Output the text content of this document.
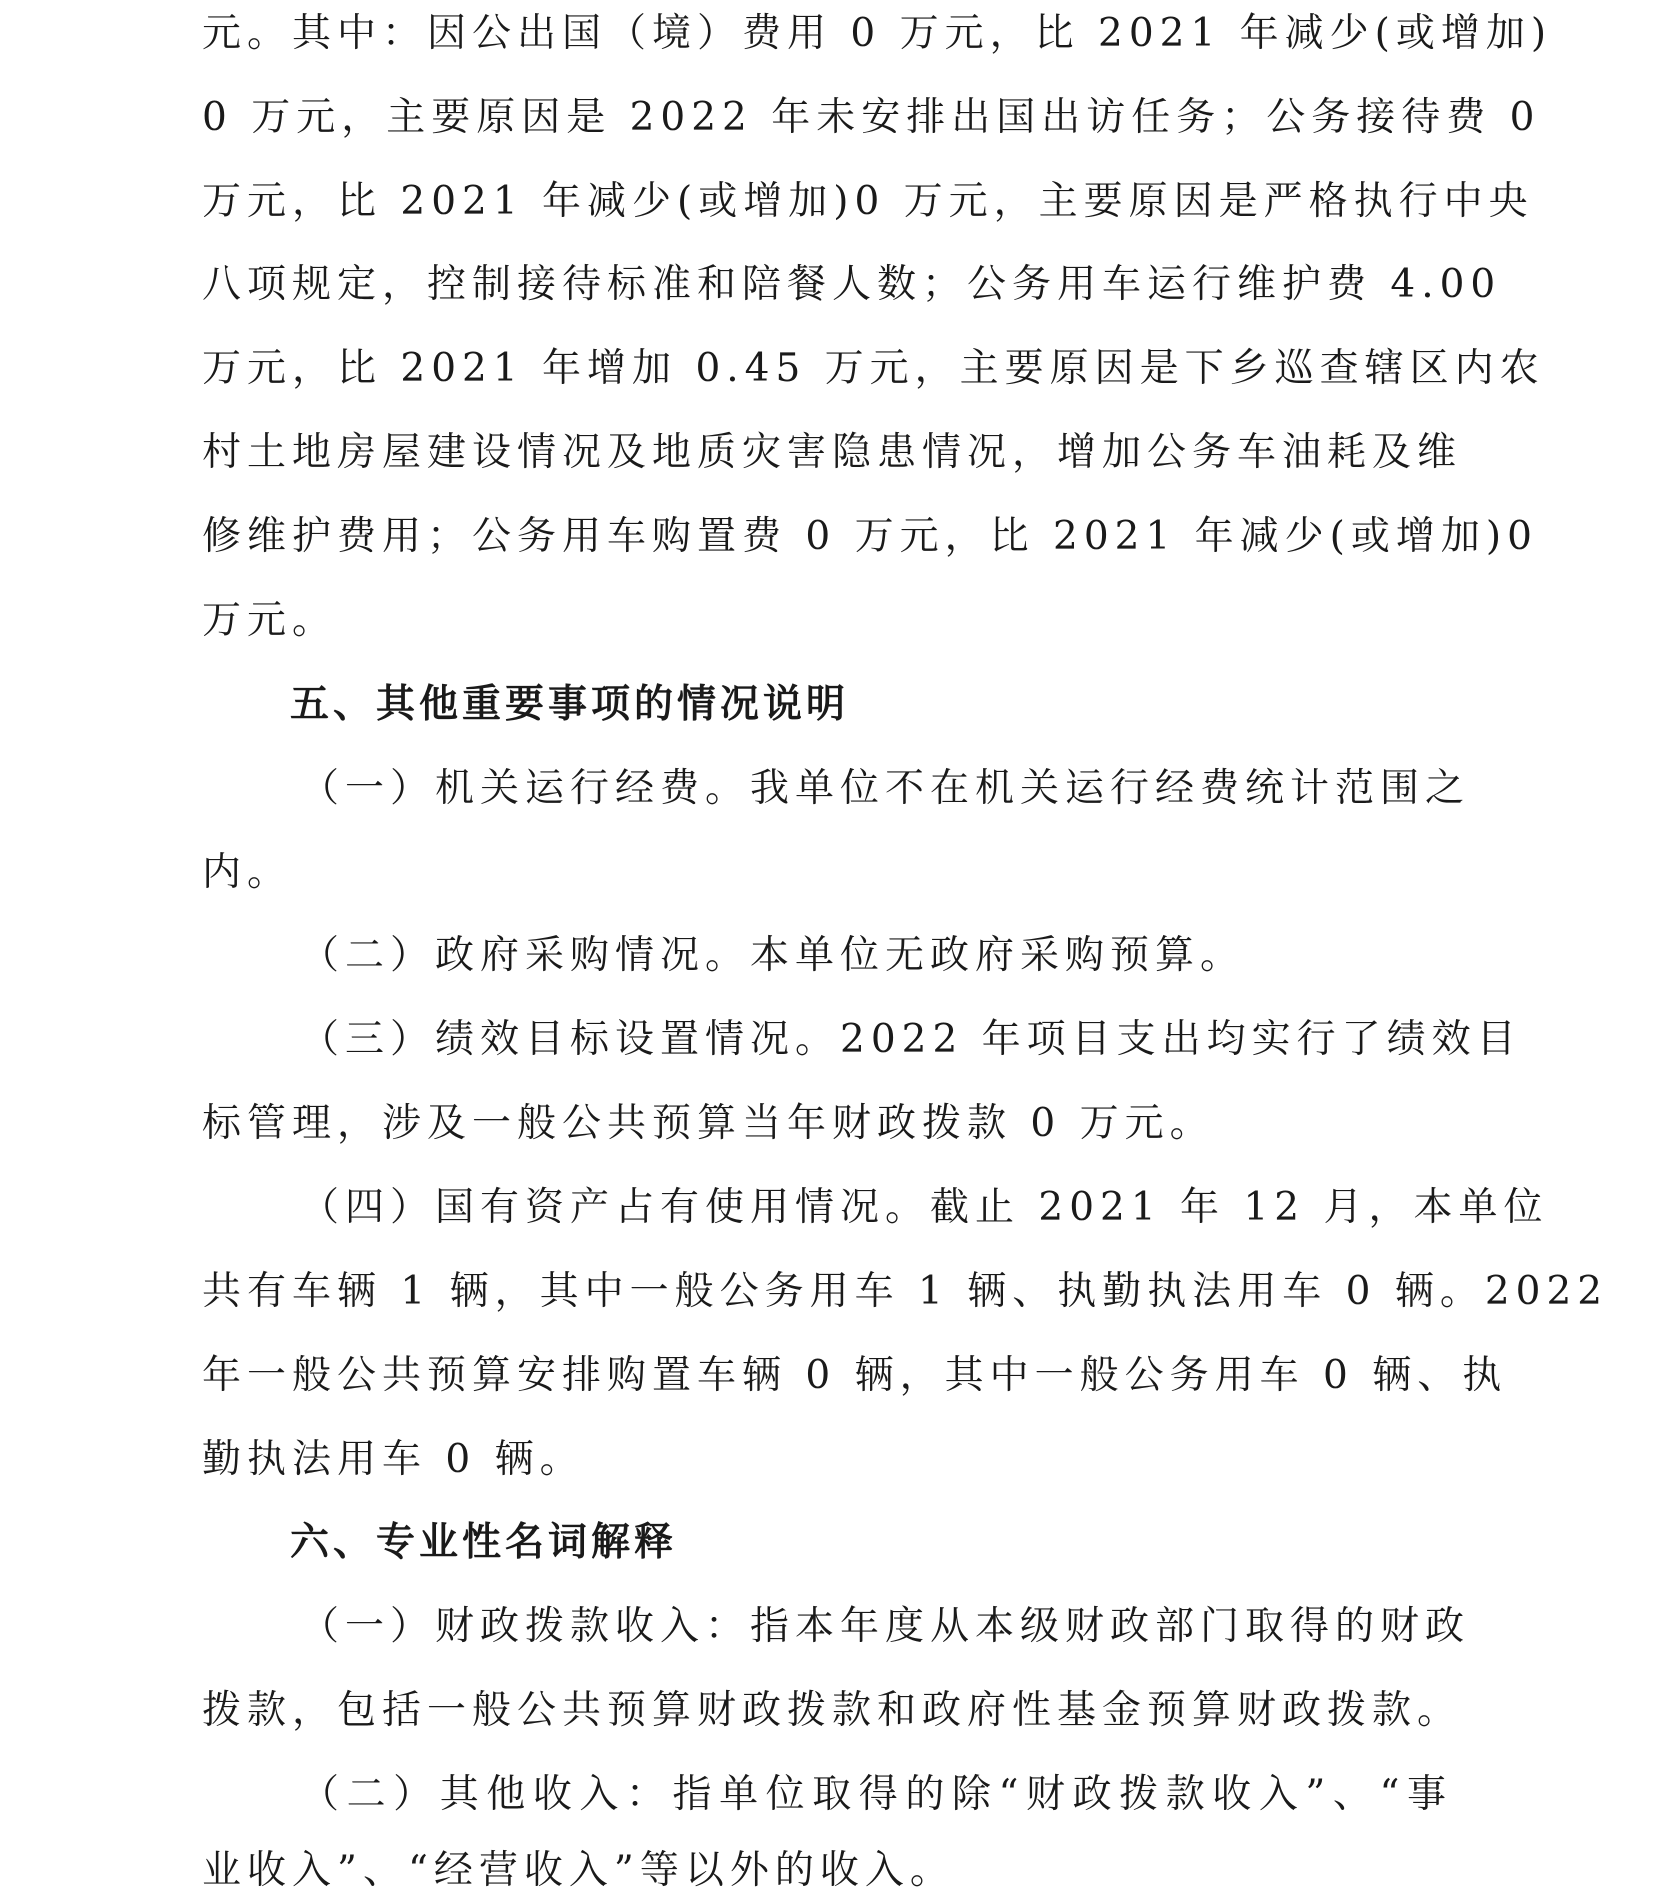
元。其中：因公出国（境）费用 0 万元，比 2021 年减少(或增加)
0 万元，主要原因是 2022 年未安排出国出访任务；公务接待费 0
万元，比 2021 年减少(或增加)0 万元，主要原因是严格执行中央
八项规定，控制接待标准和陪餐人数；公务用车运行维护费 4.00
万元，比 2021 年增加 0.45 万元，主要原因是下乡巡查辖区内农
村土地房屋建设情况及地质灾害隐患情况，增加公务车油耗及维
修维护费用；公务用车购置费 0 万元，比 2021 年减少(或增加)0
万元。
五、其他重要事项的情况说明
（一）机关运行经费。我单位不在机关运行经费统计范围之
内。
（二）政府采购情况。本单位无政府采购预算。
（三）绩效目标设置情况。2022 年项目支出均实行了绩效目
标管理，涉及一般公共预算当年财政拨款 0 万元。
（四）国有资产占有使用情况。截止 2021 年 12 月，本单位
共有车辆 1 辆，其中一般公务用车 1 辆、执勤执法用车 0 辆。2022
年一般公共预算安排购置车辆 0 辆，其中一般公务用车 0 辆、执
勤执法用车 0 辆。
六、专业性名词解释
（一）财政拨款收入：指本年度从本级财政部门取得的财政
拨款，包括一般公共预算财政拨款和政府性基金预算财政拨款。
（二）其他收入：指单位取得的除“财政拨款收入”、“事
业收入”、“经营收入”等以外的收入。
